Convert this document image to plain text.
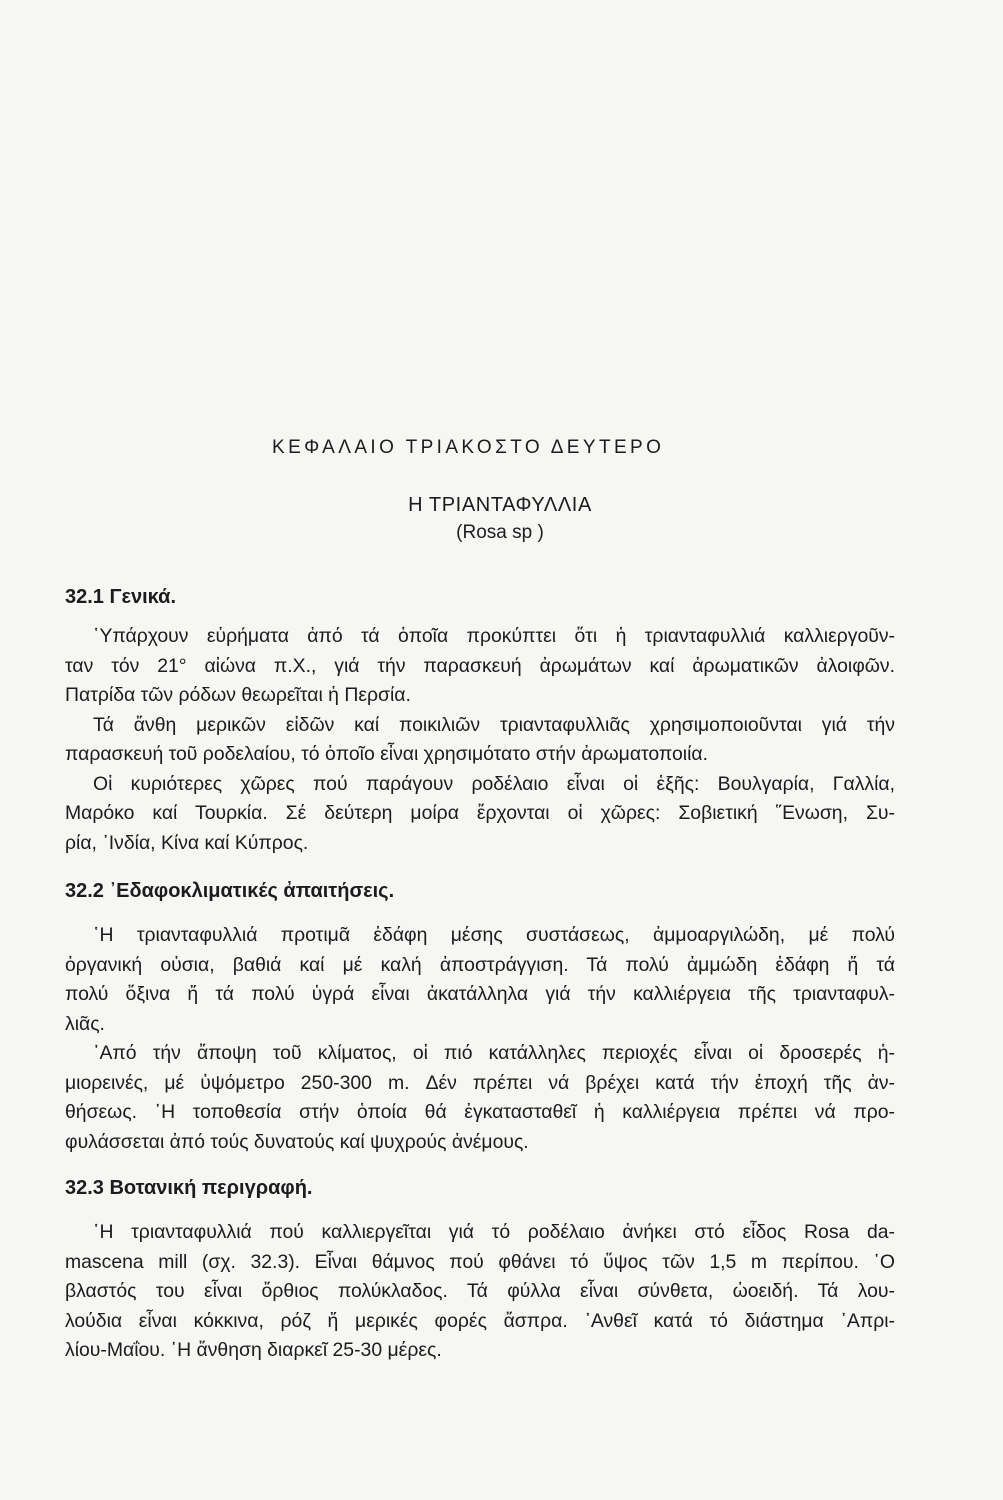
ΚΕΦΑΛΑΙΟ ΤΡΙΑΚΟΣΤΟ ΔΕΥΤΕΡΟ
Η ΤΡΙΑΝΤΑΦΥΛΛΙΑ
(Rosa sp )
32.1 Γενικά.
῾Υπάρχουν εὑρήματα ἀπό τά ὁποῖα προκύπτει ὅτι ἡ τριανταφυλλιά καλλιεργοῦν-
ταν τόν 21° αἰώνα π.Χ., γιά τήν παρασκευή ἀρωμάτων καί ἀρωματικῶν ἀλοιφῶν.
Πατρίδα τῶν ρόδων θεωρεῖται ἡ Περσία.
Τά ἄνθη μερικῶν εἰδῶν καί ποικιλιῶν τριανταφυλλιᾶς χρησιμοποιοῦνται γιά τήν
παρασκευή τοῦ ροδελαίου, τό ὁποῖο εἶναι χρησιμότατο στήν ἀρωματοποιία.
Οἱ κυριότερες χῶρες πού παράγουν ροδέλαιο εἶναι οἱ ἑξῆς: Βουλγαρία, Γαλλία,
Μαρόκο καί Τουρκία. Σέ δεύτερη μοίρα ἔρχονται οἱ χῶρες: Σοβιετική ῞Ενωση, Συ-
ρία, ᾽Ινδία, Κίνα καί Κύπρος.
32.2 ᾽Εδαφοκλιματικές ἀπαιτήσεις.
῾Η τριανταφυλλιά προτιμᾶ ἐδάφη μέσης συστάσεως, ἀμμοαργιλώδη, μέ πολύ
ὀργανική οὐσια, βαθιά καί μέ καλή ἀποστράγγιση. Τά πολύ ἀμμώδη ἐδάφη ἤ τά
πολύ ὄξινα ἤ τά πολύ ὑγρά εἶναι ἀκατάλληλα γιά τήν καλλιέργεια τῆς τριανταφυλ-
λιᾶς.
᾽Από τήν ἄποψη τοῦ κλίματος, οἱ πιό κατάλληλες περιοχές εἶναι οἱ δροσερές ἡ-
μιορεινές, μέ ὑψόμετρο 250-300 m. Δέν πρέπει νά βρέχει κατά τήν ἐποχή τῆς ἀν-
θήσεως. ῾Η τοποθεσία στήν ὁποία θά ἐγκατασταθεῖ ἡ καλλιέργεια πρέπει νά προ-
φυλάσσεται ἀπό τούς δυνατούς καί ψυχρούς ἀνέμους.
32.3 Βοτανική περιγραφή.
῾Η τριανταφυλλιά πού καλλιεργεῖται γιά τό ροδέλαιο ἀνήκει στό εἶδος Rosa da-
mascena mill (σχ. 32.3). Εἶναι θάμνος πού φθάνει τό ὕψος τῶν 1,5 m περίπου. ῾Ο
βλαστός του εἶναι ὄρθιος πολύκλαδος. Τά φύλλα εἶναι σύνθετα, ὠοειδή. Τά λου-
λούδια εἶναι κόκκινα, ρόζ ἤ μερικές φορές ἄσπρα. ᾽Ανθεῖ κατά τό διάστημα ᾽Απρι-
λίου-Μαΐου. ῾Η ἄνθηση διαρκεῖ 25-30 μέρες.
